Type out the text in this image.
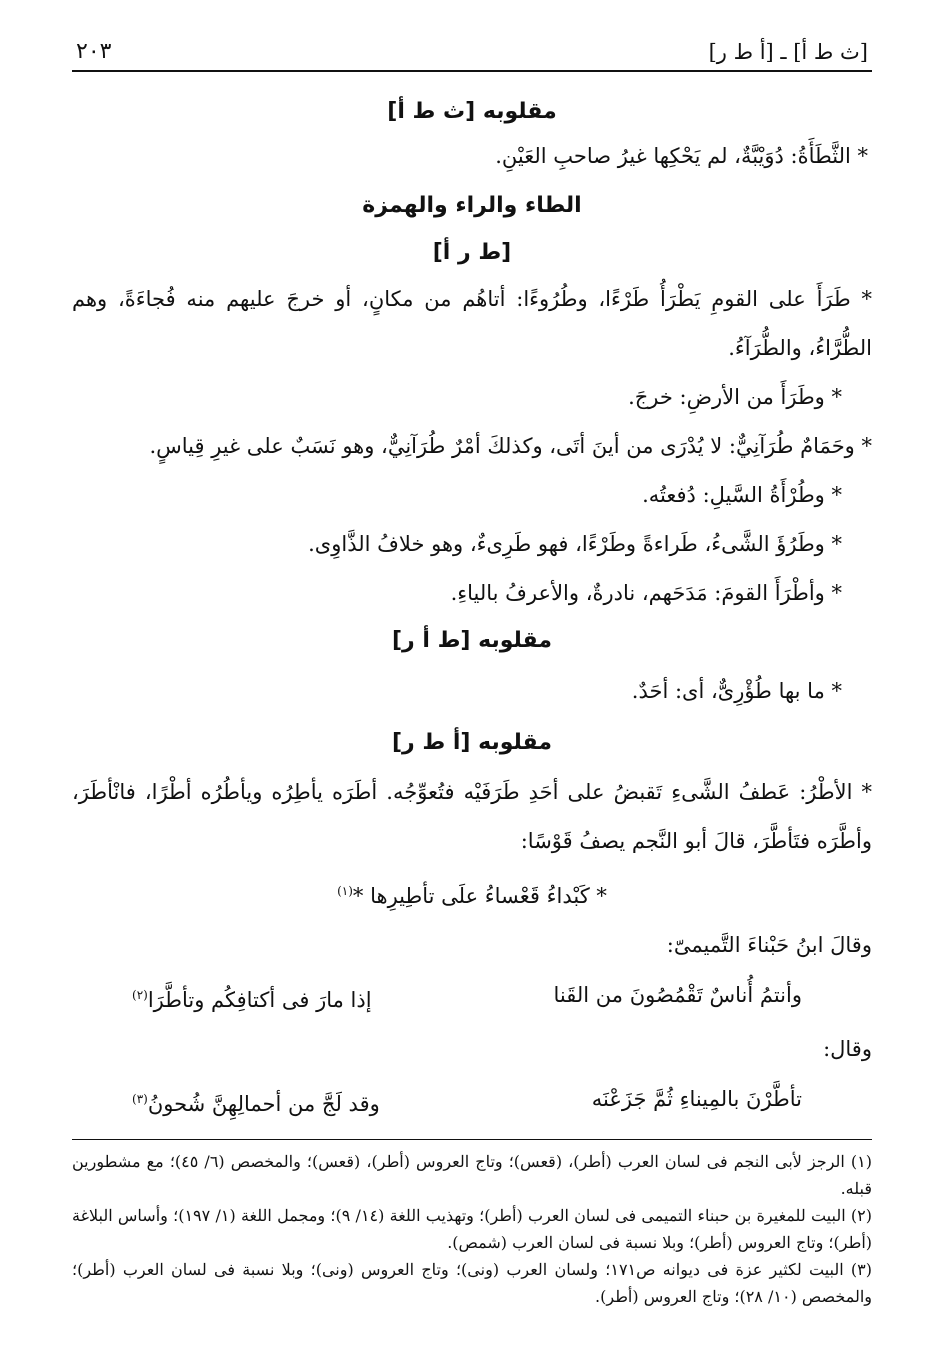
[ث ط أ] ـ [أ ط ر]
٢٠٣
مقلوبه [ث ط أ]

* الثَّطَأَةُ: دُوَيْبَّةٌ، لم يَحْكِها غيرُ صاحبِ العَيْنِ.

الطاء والراء والهمزة
[ط ر أ]

* طَرَأَ على القومِ يَطْرَأُ طَرْءًا، وطُرُوءًا: أتاهُم من مكانٍ، أو خرجَ عليهم منه فُجاءَةً، وهم الطُّرَّاءُ، والطُّرَآءُ.

* وطَرَأَ من الأرضِ: خرجَ.

* وحَمَامٌ طُرَآنِيٌّ: لا يُدْرَى من أينَ أتَى، وكذلكَ أمْرٌ طُرَآنِيٌّ، وهو نَسَبٌ على غيرِ قِياسٍ.

* وطُرْأَةُ السَّيلِ: دُفعتُه.

* وطَرُؤَ الشَّىءُ، طَراءةً وطَرْءًا، فهو طَرِىءٌ، وهو خلافُ الذَّاوِى.

* وأطْرَأَ القومَ: مَدَحَهم، نادرةٌ، والأعرفُ بالياءِ.

مقلوبه [ط أ ر]

* ما بها طُؤْرِىٌّ، أى: أحَدٌ.

مقلوبه [أ ط ر]

* الأطْرُ: عَطفُ الشَّىءِ تَقبضُ على أحَدِ طَرَفَيْه فتُعوِّجُه. أطَرَه يأطِرُه ويأطُرُه أطْرًا، فانْأطَرَ، وأطَّرَه فتَأطَّرَ، قالَ أبو النَّجم يصفُ قَوْسًا:

* كَبْداءُ قَعْساءُ علَى تأطِيرِها *$^{(١)}$

وقالَ ابنُ حَبْناءَ التَّميمىّ:

وأنتمُ أُناسٌ تَقْمُصُونَ من القَنا
إذا مارَ فى أكتافِكُم وتأطَّرَا$^{(٢)}$

وقال:

تأطَّرْنَ بالمِيناءِ ثُمَّ جَزَعْنَه
وقد لَجَّ من أحمالِهِنَّ شُحونُ$^{(٣)}$

(١) الرجز لأبى النجم فى لسان العرب (أطر)، (قعس)؛ وتاج العروس (أطر)، (قعس)؛ والمخصص (٦/ ٤٥)؛ مع مشطورين قبله.

(٢) البيت للمغيرة بن حبناء التميمى فى لسان العرب (أطر)؛ وتهذيب اللغة (١٤/ ٩)؛ ومجمل اللغة (١/ ١٩٧)؛ وأساس البلاغة (أطر)؛ وتاج العروس (أطر)؛ وبلا نسبة فى لسان العرب (شمص).

(٣) البيت لكثير عزة فى ديوانه ص١٧١؛ ولسان العرب (ونى)؛ وتاج العروس (ونى)؛ وبلا نسبة فى لسان العرب (أطر)؛ والمخصص (١٠/ ٢٨)؛ وتاج العروس (أطر).
